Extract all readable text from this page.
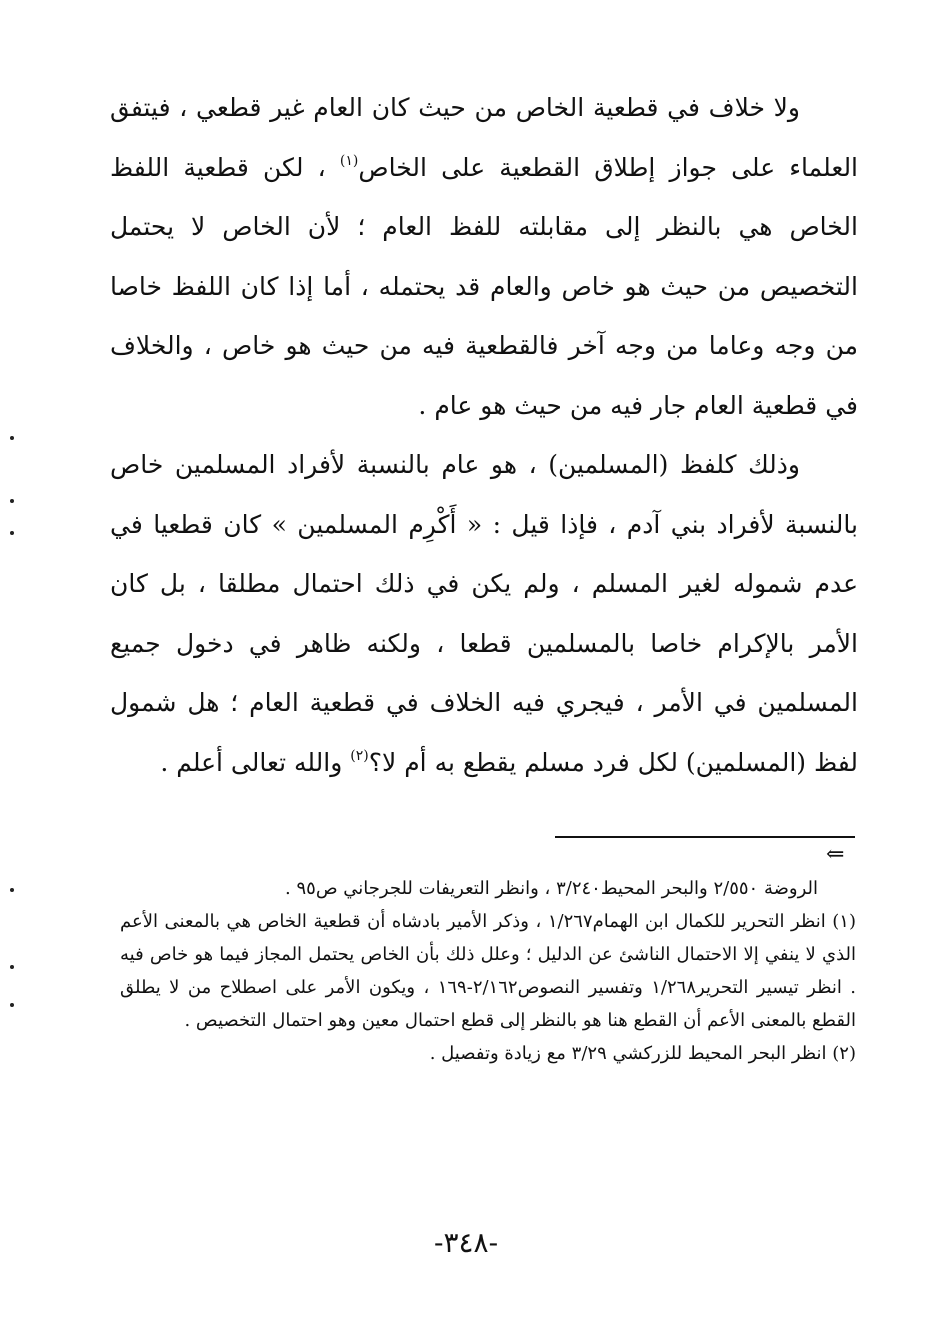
ولا خلاف في قطعية الخاص من حيث كان العام غير قطعي ، فيتفق العلماء على جواز إطلاق القطعية على الخاص$^{(١)}$ ، لكن قطعية اللفظ الخاص هي بالنظر إلى مقابلته للفظ العام ؛ لأن الخاص لا يحتمل التخصيص من حيث هو خاص والعام قد يحتمله ، أما إذا كان اللفظ خاصا من وجه وعاما من وجه آخر فالقطعية فيه من حيث هو خاص ، والخلاف في قطعية العام جار فيه من حيث هو عام .

وذلك كلفظ (المسلمين) ، هو عام بالنسبة لأفراد المسلمين خاص بالنسبة لأفراد بني آدم ، فإذا قيل : « أَكْرِم المسلمين » كان قطعيا في عدم شموله لغير المسلم ، ولم يكن في ذلك احتمال مطلقا ، بل كان الأمر بالإكرام خاصا بالمسلمين قطعا ، ولكنه ظاهر في دخول جميع المسلمين في الأمر ، فيجري فيه الخلاف في قطعية العام ؛ هل شمول لفظ (المسلمين) لكل فرد مسلم يقطع به أم لا؟$^{(٢)}$ والله تعالى أعلم .

⇐

الروضة ٢/٥٥٠ والبحر المحيط٣/٢٤٠ ، وانظر التعريفات للجرجاني ص٩٥ .

(١) انظر التحرير للكمال ابن الهمام١/٢٦٧ ، وذكر الأمير بادشاه أن قطعية الخاص هي بالمعنى الأعم الذي لا ينفي إلا الاحتمال الناشئ عن الدليل ؛ وعلل ذلك بأن الخاص يحتمل المجاز فيما هو خاص فيه . انظر تيسير التحرير١/٢٦٨ وتفسير النصوص٢/١٦٢-١٦٩ ، ويكون الأمر على اصطلاح من لا يطلق القطع بالمعنى الأعم أن القطع هنا هو بالنظر إلى قطع احتمال معين وهو احتمال التخصيص .

(٢) انظر البحر المحيط للزركشي ٣/٢٩ مع زيادة وتفصيل .

-٣٤٨-
